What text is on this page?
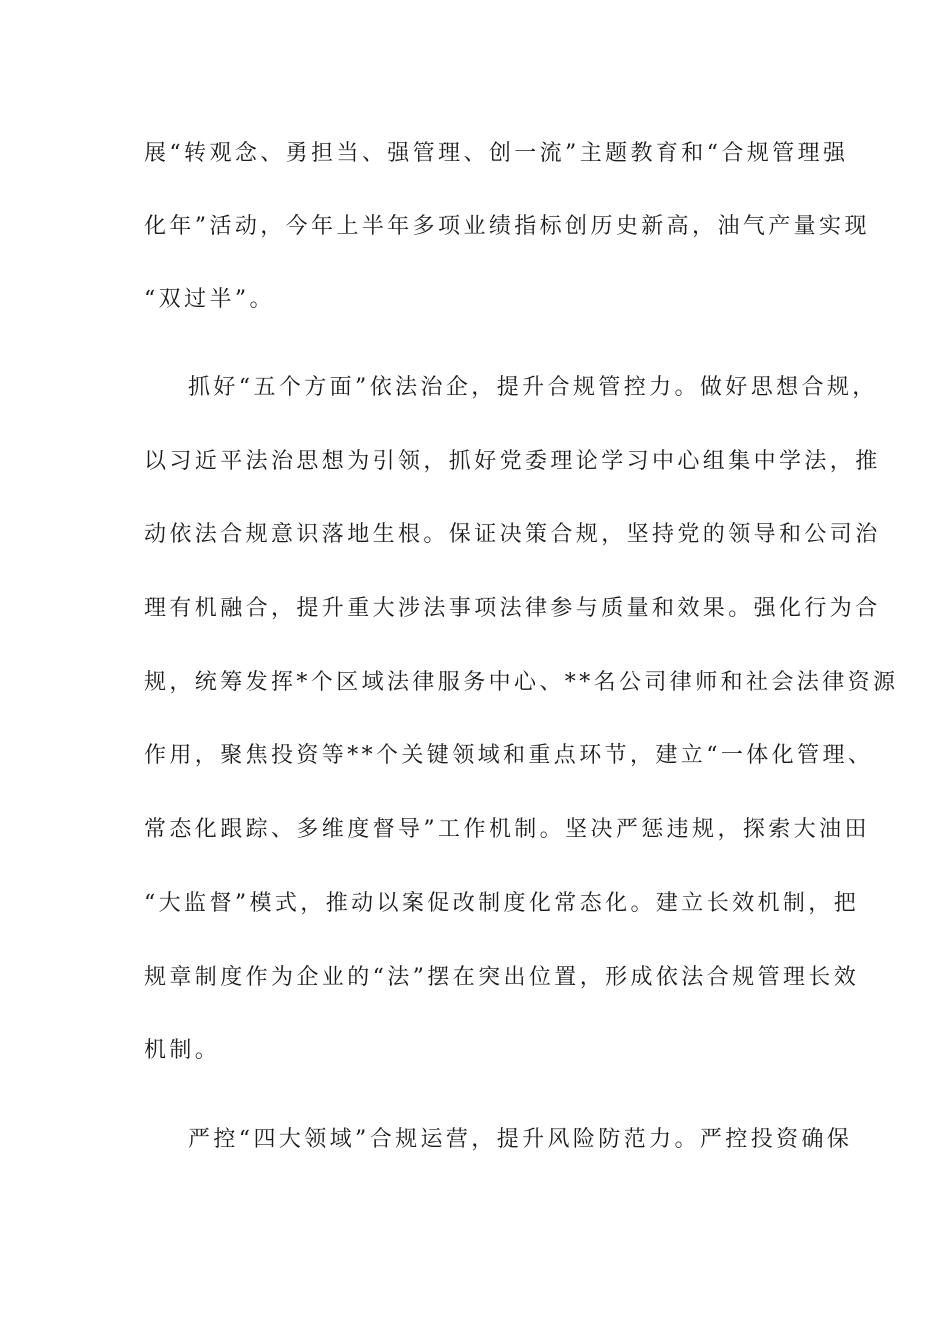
展“转观念、勇担当、强管理、创一流”主题教育和“合规管理强
化年”活动，今年上半年多项业绩指标创历史新高，油气产量实现
“双过半”。
抓好“五个方面”依法治企，提升合规管控力。做好思想合规，
以习近平法治思想为引领，抓好党委理论学习中心组集中学法，推
动依法合规意识落地生根。保证决策合规，坚持党的领导和公司治
理有机融合，提升重大涉法事项法律参与质量和效果。强化行为合
规，统筹发挥*个区域法律服务中心、**名公司律师和社会法律资源
作用，聚焦投资等**个关键领域和重点环节，建立“一体化管理、
常态化跟踪、多维度督导”工作机制。坚决严惩违规，探索大油田
“大监督”模式，推动以案促改制度化常态化。建立长效机制，把
规章制度作为企业的“法”摆在突出位置，形成依法合规管理长效
机制。
严控“四大领域”合规运营，提升风险防范力。严控投资确保
